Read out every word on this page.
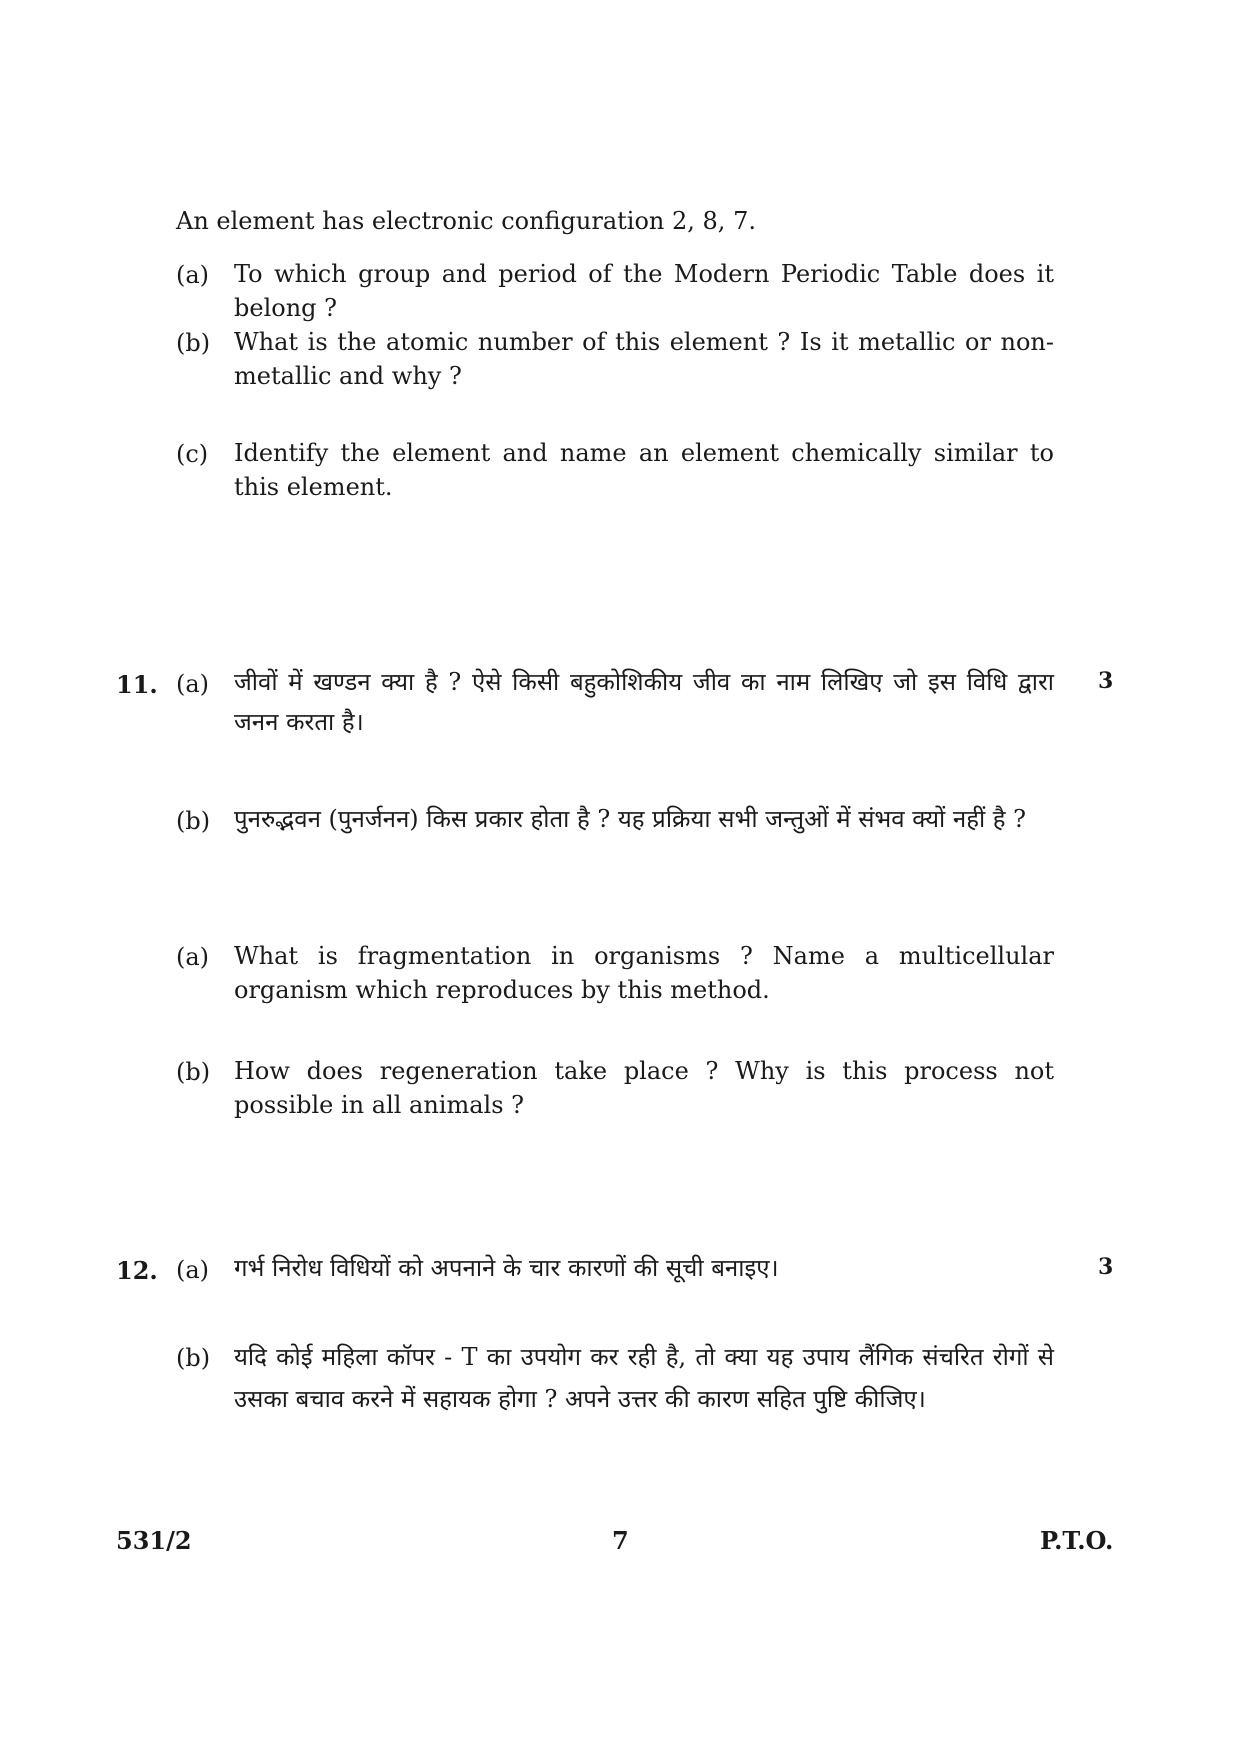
An element has electronic configuration 2, 8, 7.
(a) To which group and period of the Modern Periodic Table does it belong ?
(b) What is the atomic number of this element ? Is it metallic or non-metallic and why ?
(c) Identify the element and name an element chemically similar to this element.
11.	3
(a) जीवों में खण्डन क्या है ? ऐसे किसी बहुकोशिकीय जीव का नाम लिखिए जो इस विधि द्वारा जनन करता है।
(b) पुनरुद्भवन (पुनर्जनन) किस प्रकार होता है ? यह प्रक्रिया सभी जन्तुओं में संभव क्यों नहीं है ?
(a) What is fragmentation in organisms ? Name a multicellular organism which reproduces by this method.
(b) How does regeneration take place ? Why is this process not possible in all animals ?
12.	3
(a) गर्भ निरोध विधियों को अपनाने के चार कारणों की सूची बनाइए।
(b) यदि कोई महिला कॉपर - T का उपयोग कर रही है, तो क्या यह उपाय लैंगिक संचरित रोगों से उसका बचाव करने में सहायक होगा ? अपने उत्तर की कारण सहित पुष्टि कीजिए।
531/2	7	P.T.O.
